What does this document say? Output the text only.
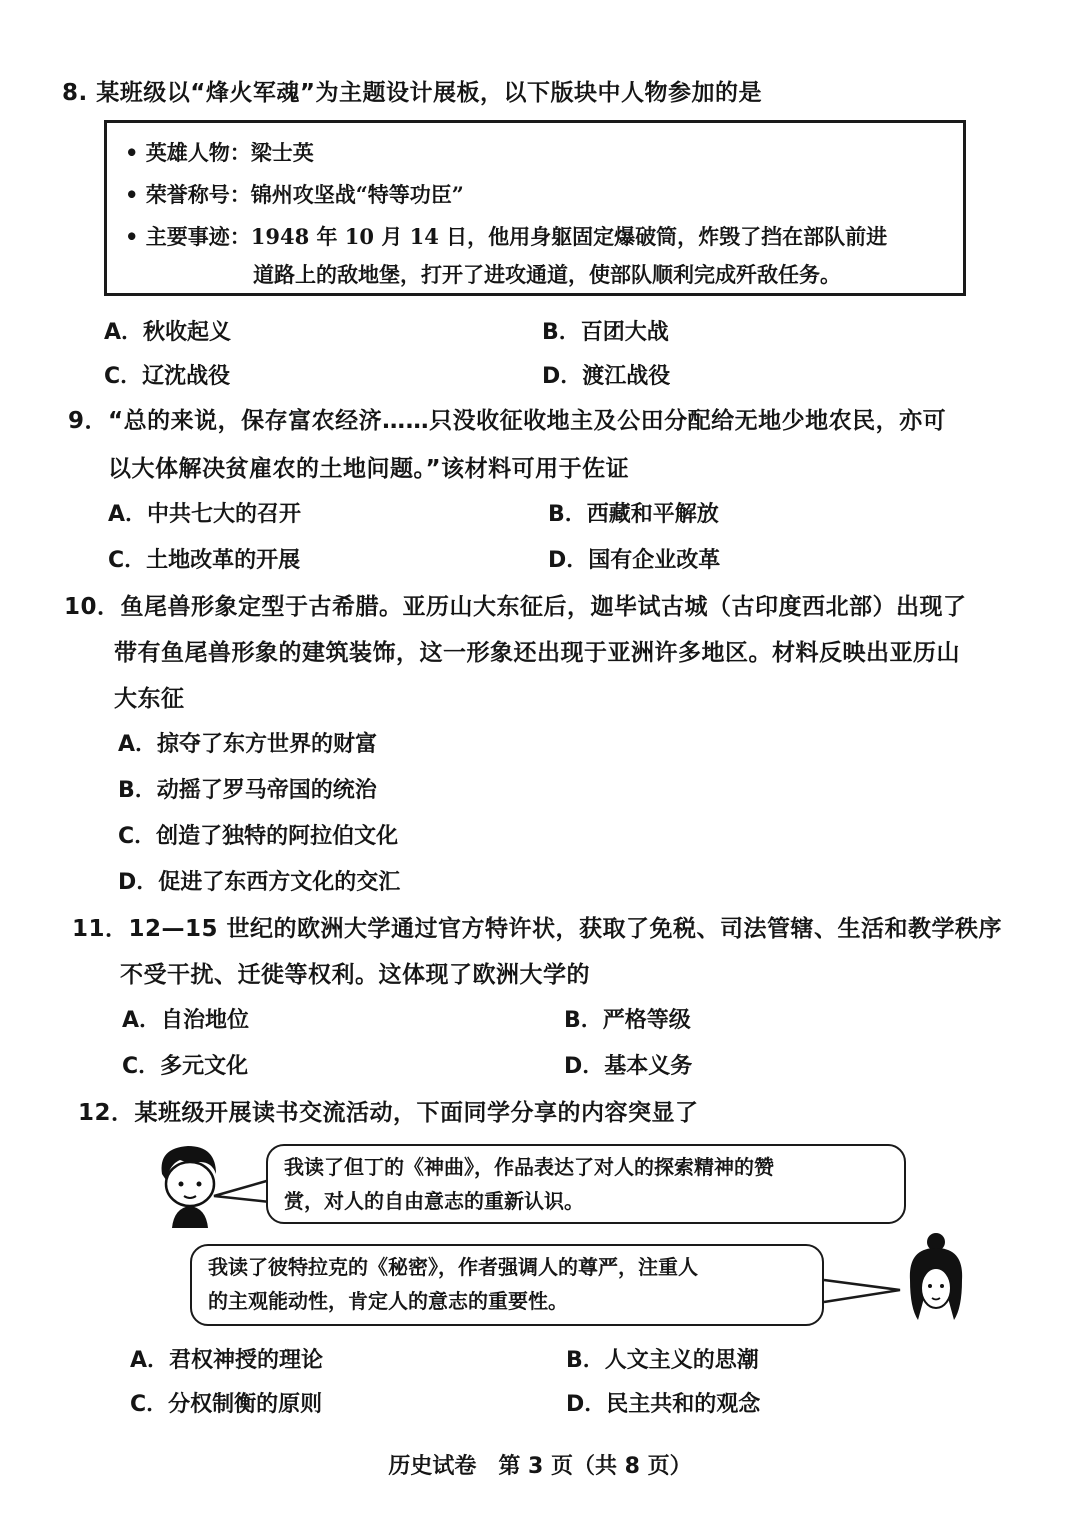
8. 某班级以“烽火军魂”为主题设计展板，以下版块中人物参加的是
• 英雄人物：梁士英
• 荣誉称号：锦州攻坚战“特等功臣”
• 主要事迹：1948 年 10 月 14 日，他用身躯固定爆破筒，炸毁了挡在部队前进
道路上的敌地堡，打开了进攻通道，使部队顺利完成歼敌任务。
A．秋收起义	B．百团大战
C．辽沈战役	D．渡江战役
9．“总的来说，保存富农经济……只没收征收地主及公田分配给无地少地农民，亦可
以大体解决贫雇农的土地问题。”该材料可用于佐证
A．中共七大的召开	B．西藏和平解放
C．土地改革的开展	D．国有企业改革
10．鱼尾兽形象定型于古希腊。亚历山大东征后，迦毕试古城（古印度西北部）出现了
带有鱼尾兽形象的建筑装饰，这一形象还出现于亚洲许多地区。材料反映出亚历山
大东征
A．掠夺了东方世界的财富
B．动摇了罗马帝国的统治
C．创造了独特的阿拉伯文化
D．促进了东西方文化的交汇
11．12—15 世纪的欧洲大学通过官方特许状，获取了免税、司法管辖、生活和教学秩序
不受干扰、迁徙等权利。这体现了欧洲大学的
A．自治地位	B．严格等级
C．多元文化	D．基本义务
12．某班级开展读书交流活动，下面同学分享的内容突显了
我读了但丁的《神曲》，作品表达了对人的探索精神的赞
赏，对人的自由意志的重新认识。
我读了彼特拉克的《秘密》，作者强调人的尊严，注重人
的主观能动性，肯定人的意志的重要性。
A．君权神授的理论	B．人文主义的思潮
C．分权制衡的原则	D．民主共和的观念
历史试卷　第 3 页（共 8 页）
